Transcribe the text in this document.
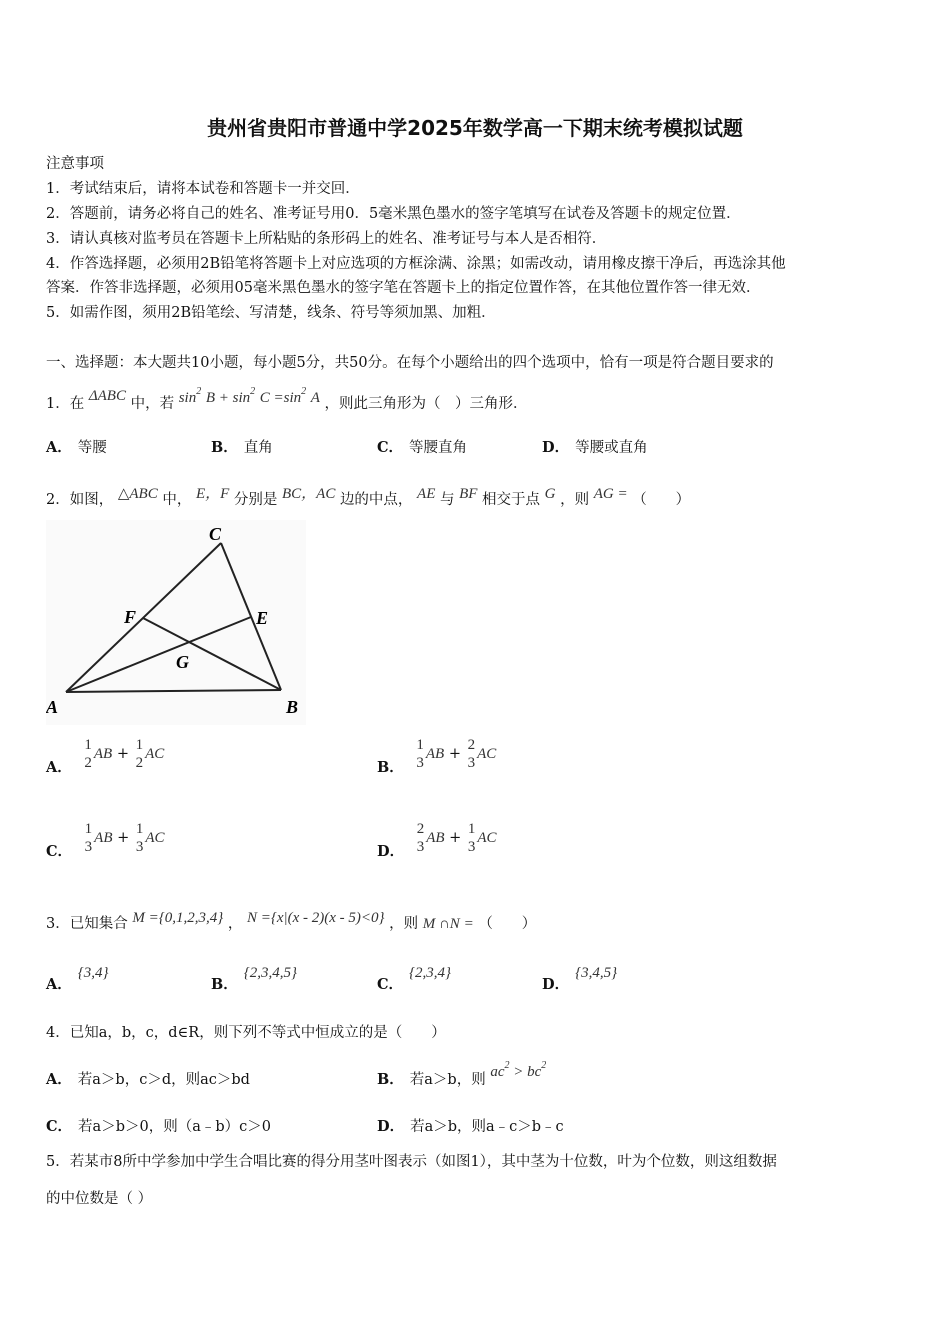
贵州省贵阳市普通中学2025年数学高一下期末统考模拟试题
注意事项
1．考试结束后，请将本试卷和答题卡一并交回．
2．答题前，请务必将自己的姓名、准考证号用0．5毫米黑色墨水的签字笔填写在试卷及答题卡的规定位置．
3．请认真核对监考员在答题卡上所粘贴的条形码上的姓名、准考证号与本人是否相符．
4．作答选择题，必须用2B铅笔将答题卡上对应选项的方框涂满、涂黑；如需改动，请用橡皮擦干净后，再选涂其他
答案．作答非选择题，必须用05毫米黑色墨水的签字笔在答题卡上的指定位置作答，在其他位置作答一律无效．
5．如需作图，须用2B铅笔绘、写清楚，线条、符号等须加黑、加粗．
一、选择题：本大题共10小题，每小题5分，共50分。在每个小题给出的四个选项中，恰有一项是符合题目要求的
1．在 ΔABC 中，若 $\sin^2 B + \sin^2 C =\sin^2$ A ，则此三角形为（　）三角形．
A． 等腰	B． 直角	C． 等腰直角	D． 等腰或直角
2．如图， △ABC 中， E，F 分别是 BC，AC 边的中点， AE 与 BF 相交于点 G ，则 AG = （　　）
A	B
C
E
F
G
A．
1
2
AB +
1
2
AC
B．
1
3
AB +
2
3
AC
C．
1
3
AB +
1
3
AC
D．
2
3
AB +
1
3
AC
3．已知集合 M ={0,1,2,3,4} ， N ={x|(x - 2)(x - 5)<0} ，则 M ∩N = （　　）
A．{3,4}
B．{2,3,4,5}
C．{2,3,4}
D．{3,4,5}
4．已知a，b，c，d∈R，则下列不等式中恒成立的是（　　）
A． 若a＞b，c＞d，则ac＞bd	B． 若a＞b，则 $ac^2 > bc^2$
C． 若a＞b＞0，则（a﹣b）c＞0	D． 若a＞b，则a﹣c＞b﹣c
5．若某市8所中学参加中学生合唱比赛的得分用茎叶图表示（如图1），其中茎为十位数，叶为个位数，则这组数据
的中位数是（ ）
